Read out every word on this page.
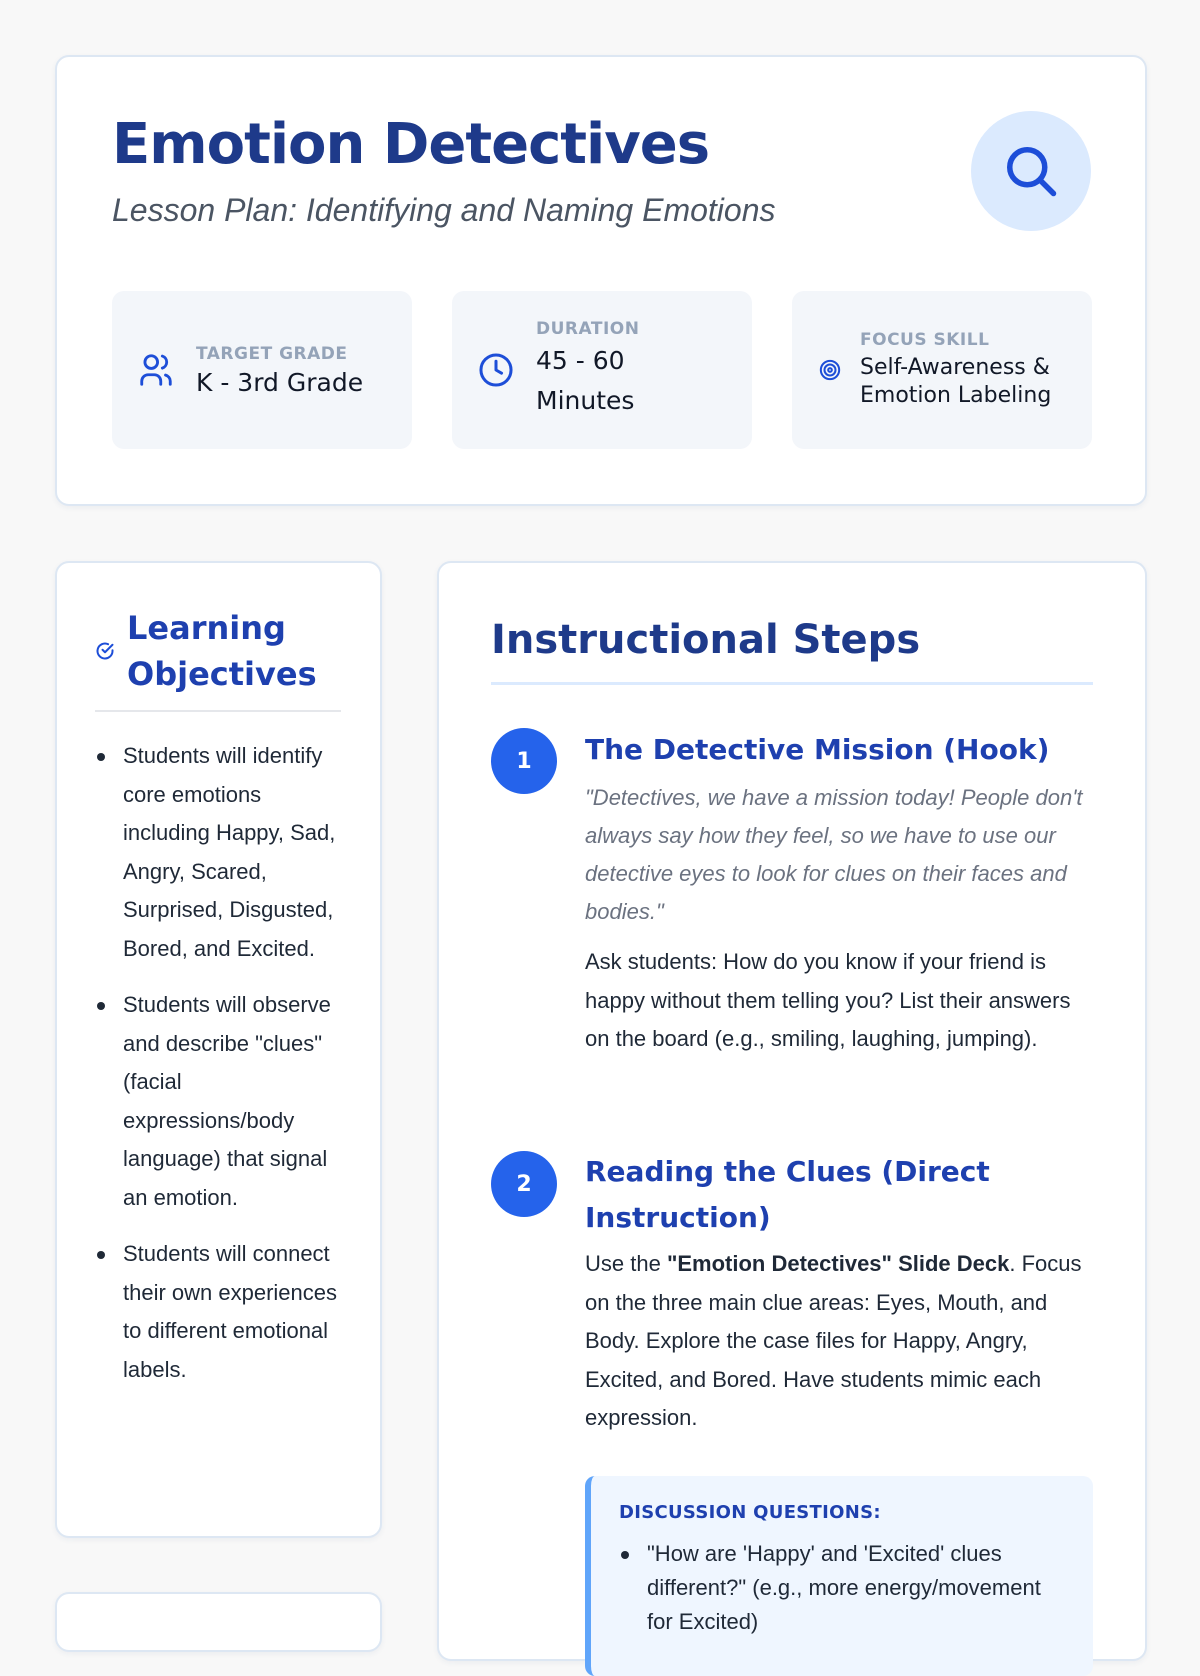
Emotion Detectives
Lesson Plan: Identifying and Naming Emotions
TARGET GRADE
K - 3rd Grade
DURATION
45 - 60
Minutes
FOCUS SKILL
Self-Awareness &
Emotion Labeling
Learning Objectives
Students will identify core emotions including Happy, Sad, Angry, Scared, Surprised, Disgusted, Bored, and Excited.
Students will observe and describe "clues" (facial expressions/body language) that signal an emotion.
Students will connect their own experiences to different emotional labels.
Instructional Steps
1	The Detective Mission (Hook)
"Detectives, we have a mission today! People don't always say how they feel, so we have to use our detective eyes to look for clues on their faces and bodies."
Ask students: How do you know if your friend is happy without them telling you? List their answers on the board (e.g., smiling, laughing, jumping).
2	Reading the Clues (Direct Instruction)
Use the "Emotion Detectives" Slide Deck. Focus on the three main clue areas: Eyes, Mouth, and Body. Explore the case files for Happy, Angry, Excited, and Bored. Have students mimic each expression.
DISCUSSION QUESTIONS:
"How are 'Happy' and 'Excited' clues different?" (e.g., more energy/movement for Excited)
